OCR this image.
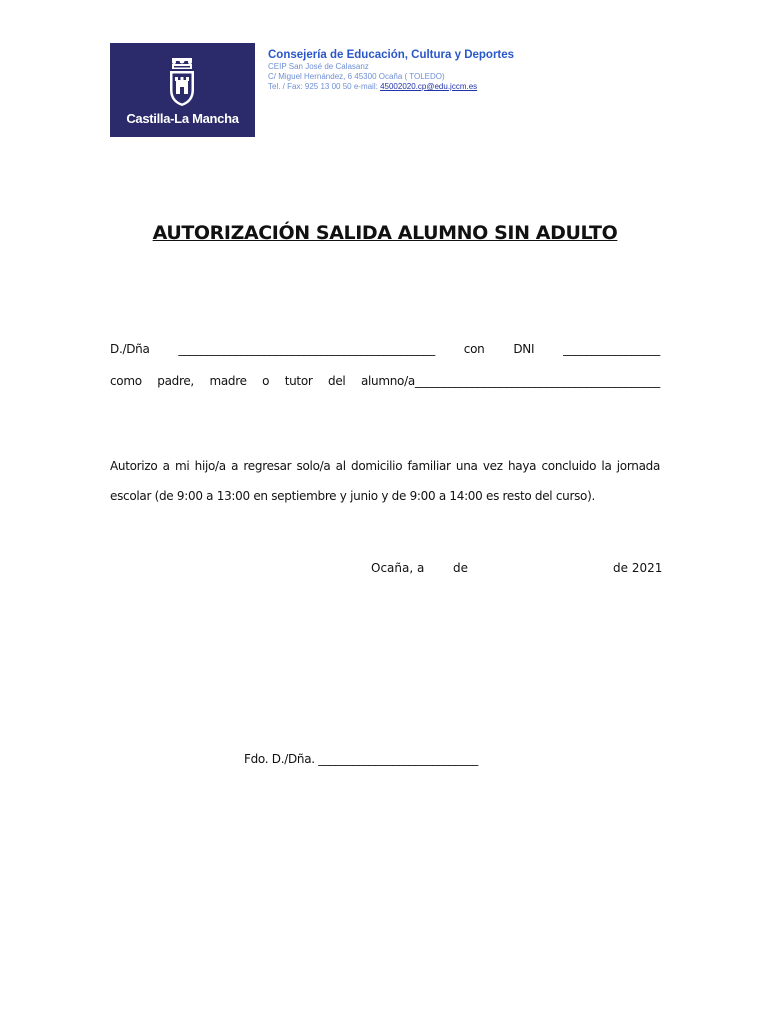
Castilla-La Mancha
Consejería de Educación, Cultura y Deportes
CEIP San José de Calasanz
C/ Miguel Hernández, 6 45300 Ocaña ( TOLEDO)
Tel. / Fax: 925 13 00 50 e-mail: 45002020.cp@edu.jccm.es
AUTORIZACIÓN SALIDA ALUMNO SIN ADULTO
D./Dña _____________________________________________ con DNI _________________
como padre, madre o tutor del alumno/a___________________________________________
Autorizo a mi hijo/a a regresar solo/a al domicilio familiar una vez haya concluido la jornada
escolar (de 9:00 a 13:00 en septiembre y junio y de 9:00 a 14:00 es resto del curso).
Ocaña, a de	de 2021
Fdo. D./Dña. ____________________________
